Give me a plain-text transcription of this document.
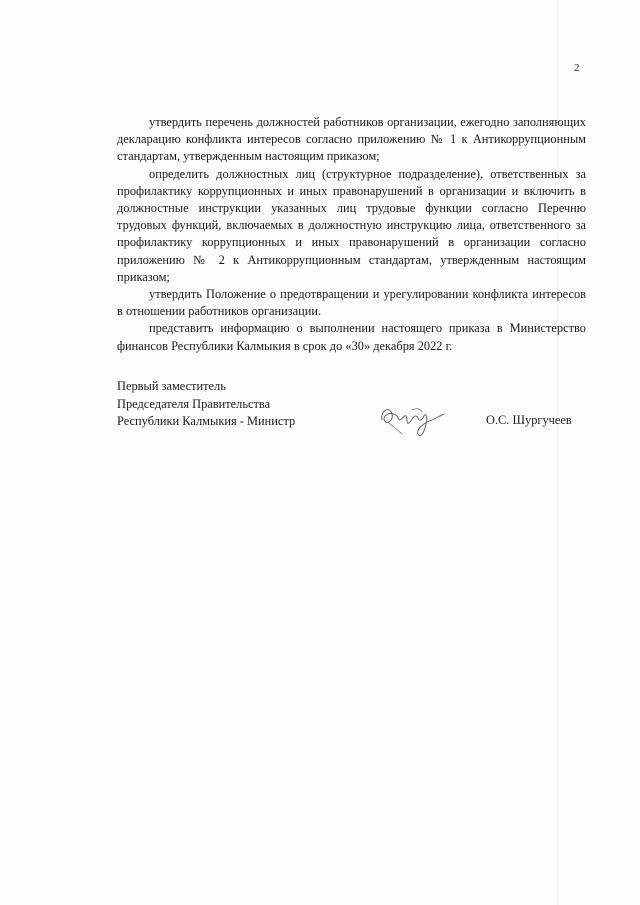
2

утвердить перечень должностей работников организации, ежегодно заполняющих декларацию конфликта интересов согласно приложению № 1 к Антикоррупционным стандартам, утвержденным настоящим приказом;

определить должностных лиц (структурное подразделение), ответственных за профилактику коррупционных и иных правонарушений в организации и включить в должностные инструкции указанных лиц трудовые функции согласно Перечню трудовых функций, включаемых в должностную инструкцию лица, ответственного за профилактику коррупционных и иных правонарушений в организации согласно приложению № 2 к Антикоррупционным стандартам, утвержденным настоящим приказом;

утвердить Положение о предотвращении и урегулировании конфликта интересов в отношении работников организации.

представить информацию о выполнении настоящего приказа в Министерство финансов Республики Калмыкия в срок до «30» декабря 2022 г.

Первый заместитель
Председателя Правительства
Республики Калмыкия - Министр	О.С. Шургучеев
